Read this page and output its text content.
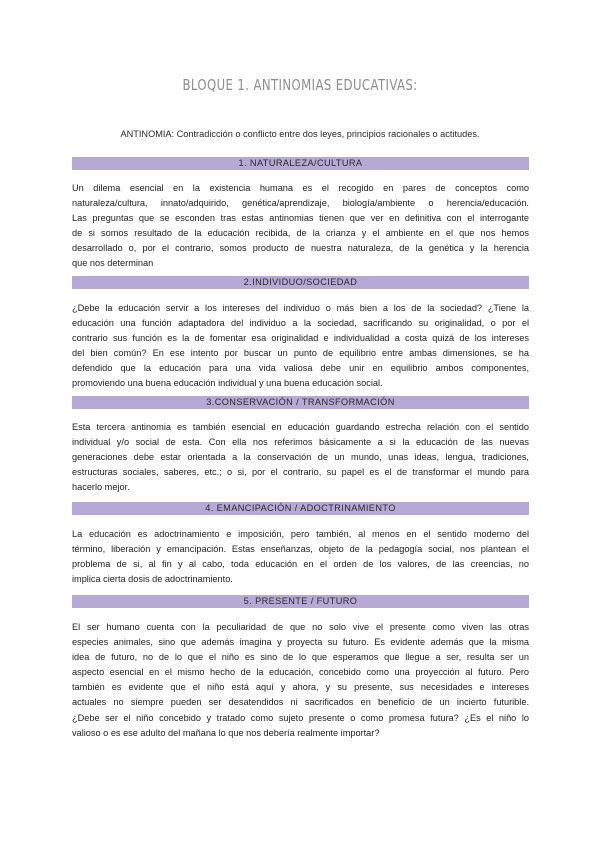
BLOQUE 1. ANTINOMIAS EDUCATIVAS:
ANTINOMIA: Contradicción o conflicto entre dos leyes, principios racionales o actitudes.
1. NATURALEZA/CULTURA
Un dilema esencial en la existencia humana es el recogido en pares de conceptos como
naturaleza/cultura, innato/adquirido, genética/aprendizaje, biología/ambiente o herencia/educación.
Las preguntas que se esconden tras estas antinomias tienen que ver en definitiva con el interrogante
de si somos resultado de la educación recibida, de la crianza y el ambiente en el que nos hemos
desarrollado o, por el contrario, somos producto de nuestra naturaleza, de la genética y la herencia
que nos determinan
2.INDIVIDUO/SOCIEDAD
¿Debe la educación servir a los intereses del individuo o más bien a los de la sociedad? ¿Tiene la
educación una función adaptadora del individuo a la sociedad, sacrificando su originalidad, o por el
contrario sus función es la de fomentar esa originalidad e individualidad a costa quizá de los intereses
del bien común? En ese intento por buscar un punto de equilibrio entre ambas dimensiones, se ha
defendido que la educación para una vida valiosa debe unir en equilibrio ambos componentes,
promoviendo una buena educación individual y una buena educación social.
3.CONSERVACIÓN / TRANSFORMACIÓN
Esta tercera antinomia es también esencial en educación guardando estrecha relación con el sentido
individual y/o social de esta. Con ella nos referimos básicamente a si la educación de las nuevas
generaciones debe estar orientada a la conservación de un mundo, unas ideas, lengua, tradiciones,
estructuras sociales, saberes, etc.; o si, por el contrario, su papel es el de transformar el mundo para
hacerlo mejor.
4. EMANCIPACIÓN / ADOCTRINAMIENTO
La educación es adoctrinamiento e imposición, pero también, al menos en el sentido moderno del
término, liberación y emancipación. Estas enseñanzas, objeto de la pedagogía social, nos plantean el
problema de si, al fin y al cabo, toda educación en el orden de los valores, de las creencias, no
implica cierta dosis de adoctrinamiento.
5. PRESENTE / FUTURO
El ser humano cuenta con la peculiaridad de que no solo vive el presente como viven las otras
especies animales, sino que además imagina y proyecta su futuro. Es evidente además que la misma
idea de futuro, no de lo que el niño es sino de lo que esperamos que llegue a ser, resulta ser un
aspecto esencial en el mismo hecho de la educación, concebido como una proyección al futuro. Pero
también es evidente que el niño está aquí y ahora, y su presente, sus necesidades e intereses
actuales no siempre pueden ser desatendidos ni sacrificados en beneficio de un incierto futurible.
¿Debe ser el niño concebido y tratado como sujeto presente o como promesa futura? ¿Es el niño lo
valioso o es ese adulto del mañana lo que nos debería realmente importar?
